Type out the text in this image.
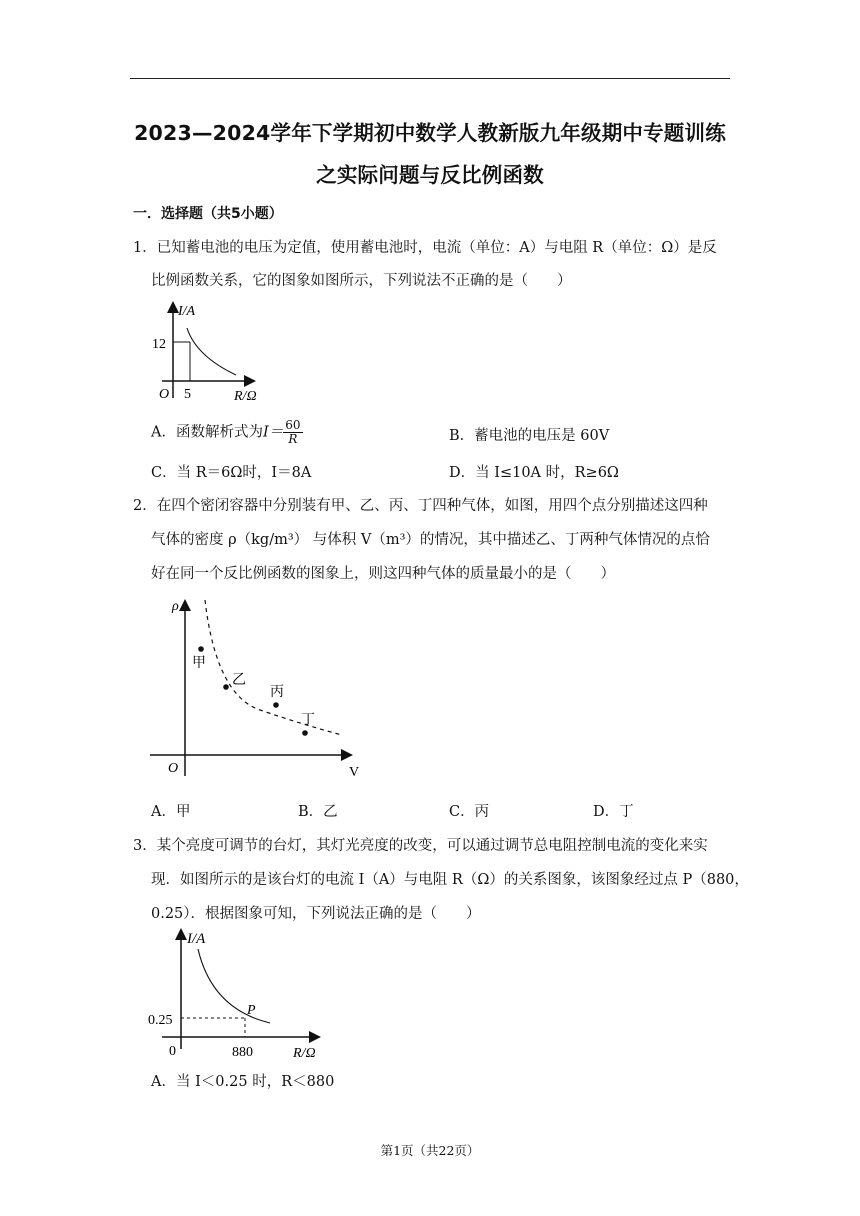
2023—2024学年下学期初中数学人教新版九年级期中专题训练
之实际问题与反比例函数
一．选择题（共5小题）
1．已知蓄电池的电压为定值，使用蓄电池时，电流（单位：A）与电阻 R（单位：Ω）是反
比例函数关系，它的图象如图所示，下列说法不正确的是（　　）
I/A
12
5
O	R/Ω
A．函数解析式为$I= \frac{60}{R}$	B．蓄电池的电压是 60V
C．当 R＝6Ω时，I＝8A	D．当 I≤10A 时，R≥6Ω
2．在四个密闭容器中分别装有甲、乙、丙、丁四种气体，如图，用四个点分别描述这四种
气体的密度 ρ（kg/m³） 与体积 V（m³）的情况，其中描述乙、丁两种气体情况的点恰
好在同一个反比例函数的图象上，则这四种气体的质量最小的是（　　）
甲
乙
丙
丁
ρ
O	V
A．甲	B．乙	C．丙	D．丁
3．某个亮度可调节的台灯，其灯光亮度的改变，可以通过调节总电阻控制电流的变化来实
现．如图所示的是该台灯的电流 I（A）与电阻 R（Ω）的关系图象，该图象经过点 P（880，
0.25）．根据图象可知，下列说法正确的是（　　）
I/A
P
0.25
880
0	R/Ω
A．当 I＜0.25 时，R＜880
第1页（共22页）
